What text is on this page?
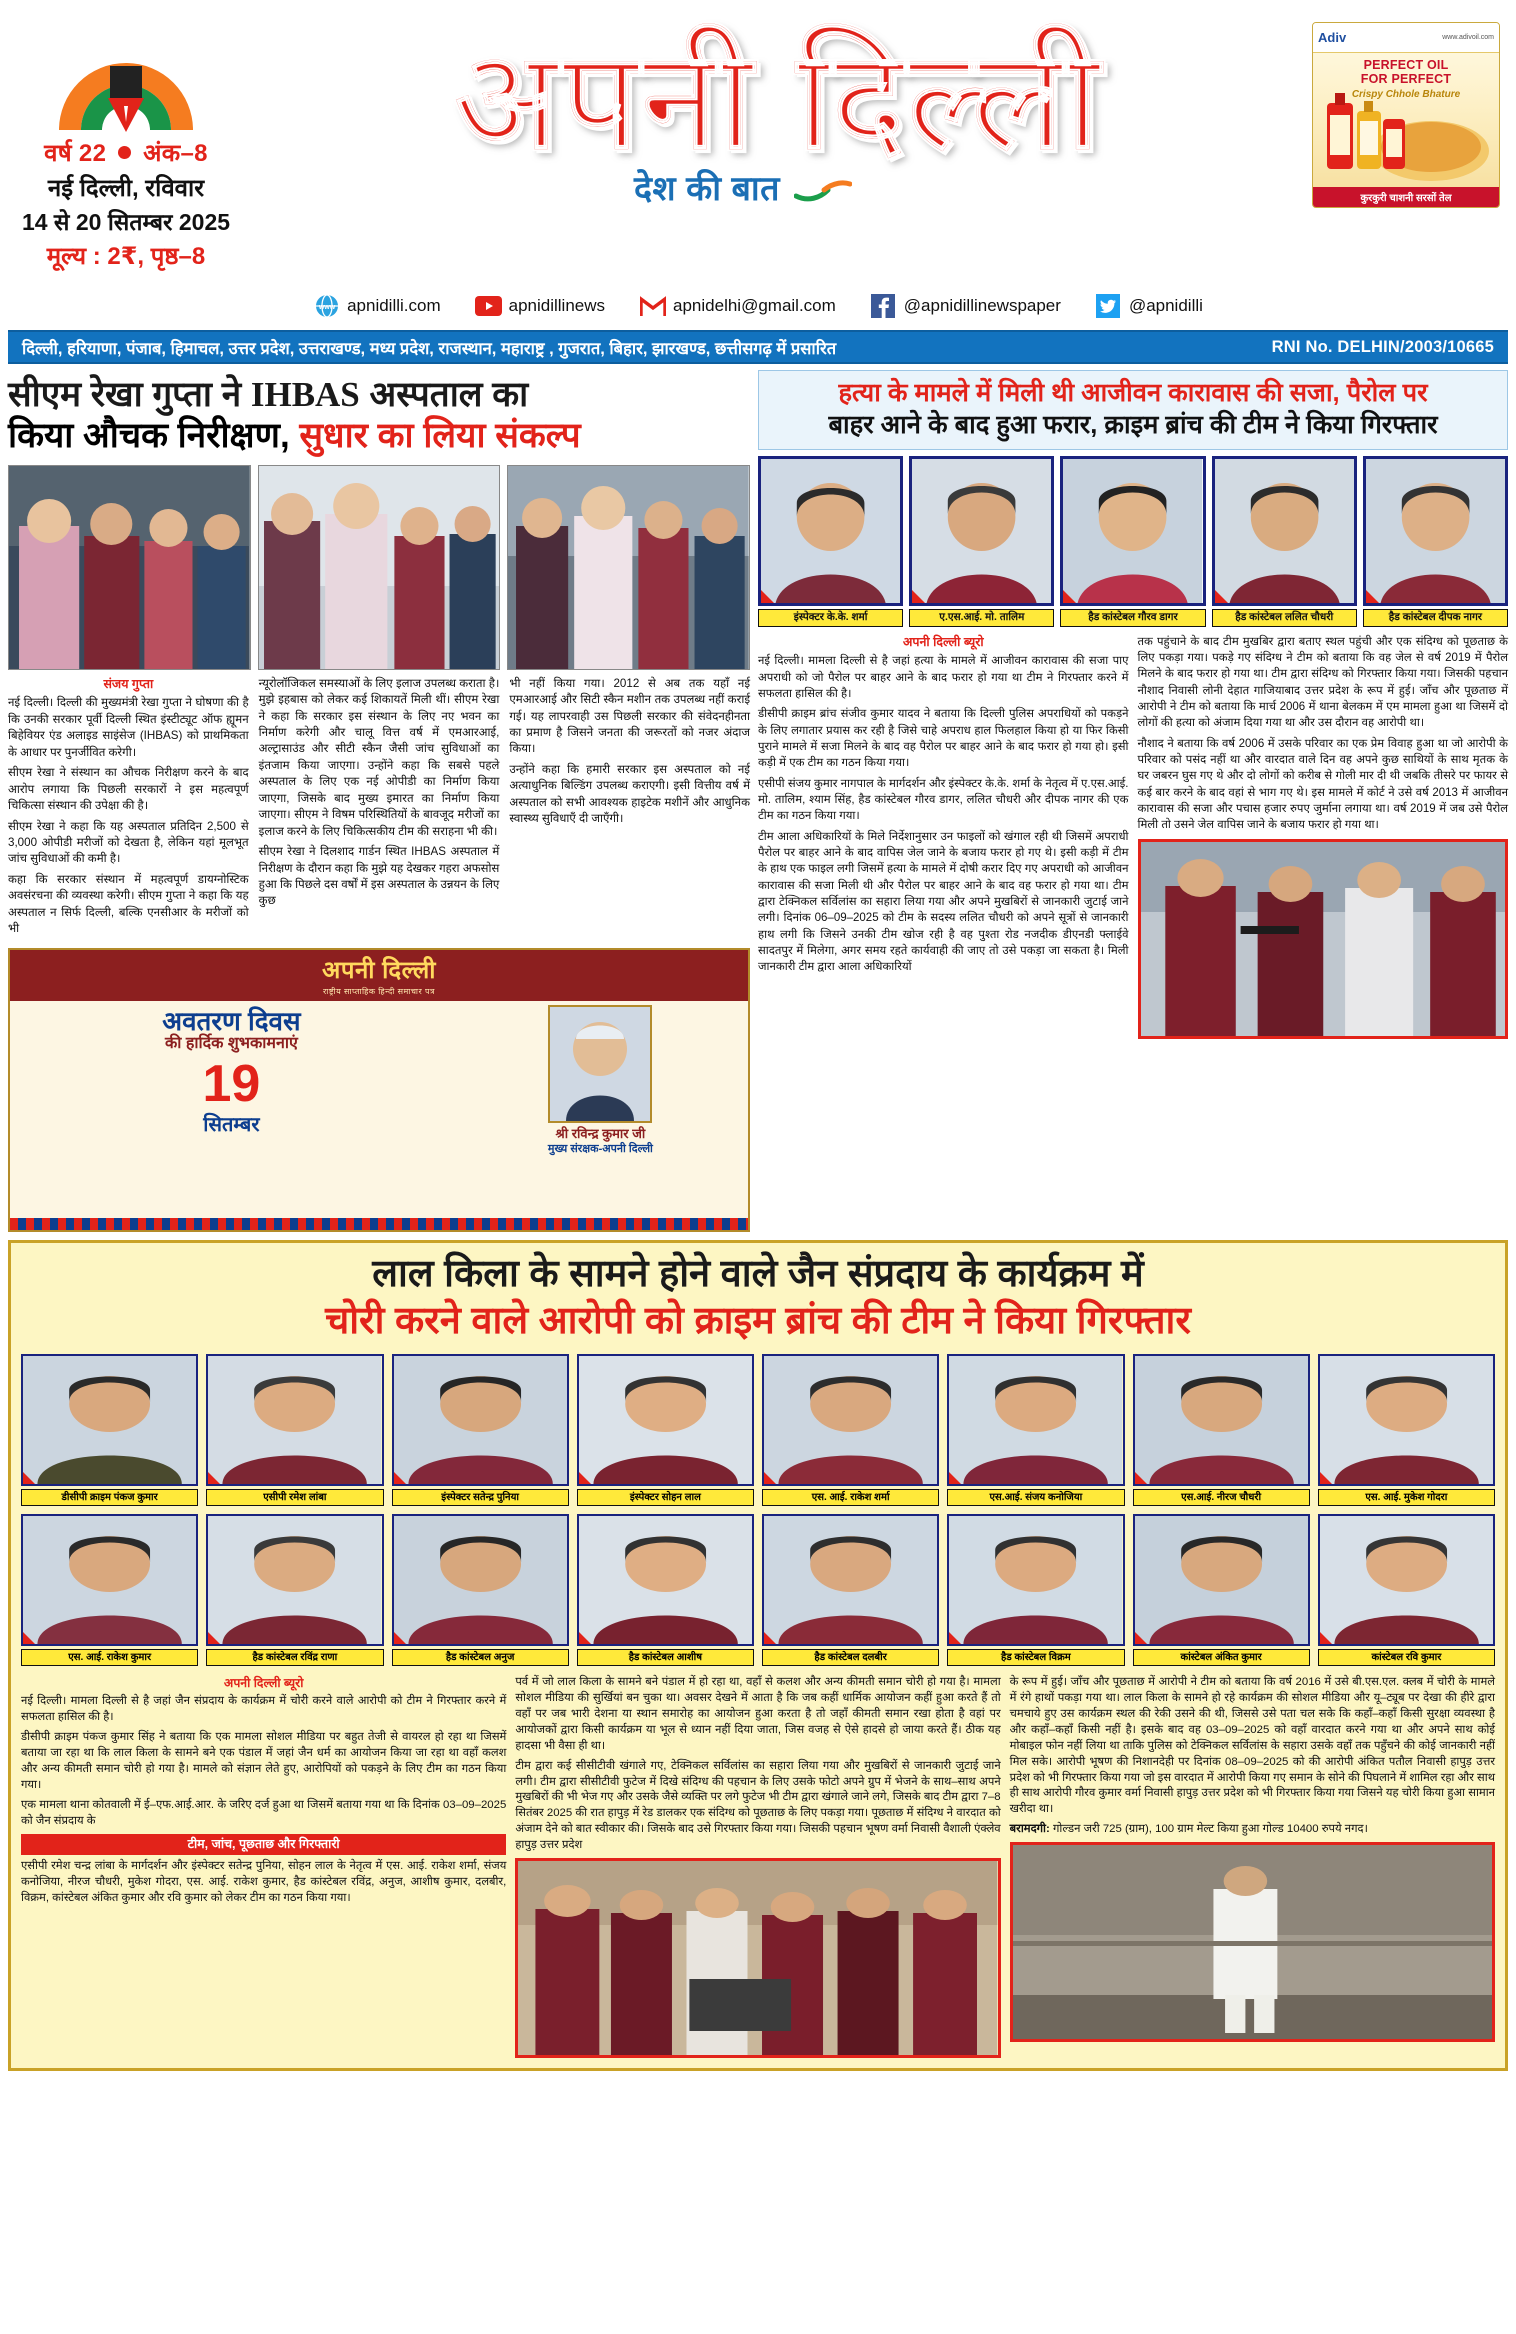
वर्ष 22 अंक–8
नई दिल्ली, रविवार
14 से 20 सितम्बर 2025
मूल्य : 2₹, पृष्ठ–8
अपनी दिल्ली
देश की बात
Adiv	www.adivoil.com
PERFECT OIL
FOR PERFECT
Crispy Chhole Bhature
कुरकुरी चाशनी सरसों तेल
www apnidilli.com	apnidillinews	apnidelhi@gmail.com	@apnidillinewspaper	@apnidilli
दिल्ली, हरियाणा, पंजाब, हिमाचल, उत्तर प्रदेश, उत्तराखण्ड, मध्य प्रदेश, राजस्थान, महाराष्ट्र , गुजरात, बिहार, झारखण्ड, छत्तीसगढ़ में प्रसारित	RNI No. DELHIN/2003/10665
सीएम रेखा गुप्ता ने IHBAS अस्पताल का
किया औचक निरीक्षण, सुधार का लिया संकल्प
संजय गुप्ता

नई दिल्ली। दिल्ली की मुख्यमंत्री रेखा गुप्ता ने घोषणा की है कि उनकी सरकार पूर्वी दिल्ली स्थित इंस्टीट्यूट ऑफ ह्यूमन बिहेवियर एंड अलाइड साइंसेज (IHBAS) को प्राथमिकता के आधार पर पुनर्जीवित करेगी।

सीएम रेखा ने संस्थान का औचक निरीक्षण करने के बाद आरोप लगाया कि पिछली सरकारों ने इस महत्वपूर्ण चिकित्सा संस्थान की उपेक्षा की है।

सीएम रेखा ने कहा कि यह अस्पताल प्रतिदिन 2,500 से 3,000 ओपीडी मरीजों को देखता है, लेकिन यहां मूलभूत जांच सुविधाओं की कमी है।

कहा कि सरकार संस्थान में महत्वपूर्ण डायग्नोस्टिक अवसंरचना की व्यवस्था करेगी। सीएम गुप्ता ने कहा कि यह अस्पताल न सिर्फ दिल्ली, बल्कि एनसीआर के मरीजों को भी

न्यूरोलॉजिकल समस्याओं के लिए इलाज उपलब्ध कराता है। मुझे इहबास को लेकर कई शिकायतें मिली थीं। सीएम रेखा ने कहा कि सरकार इस संस्थान के लिए नए भवन का निर्माण करेगी और चालू वित्त वर्ष में एमआरआई, अल्ट्रासाउंड और सीटी स्कैन जैसी जांच सुविधाओं का इंतजाम किया जाएगा। उन्होंने कहा कि सबसे पहले अस्पताल के लिए एक नई ओपीडी का निर्माण किया जाएगा, जिसके बाद मुख्य इमारत का निर्माण किया जाएगा। सीएम ने विषम परिस्थितियों के बावजूद मरीजों का इलाज करने के लिए चिकित्सकीय टीम की सराहना भी की।

सीएम रेखा ने दिलशाद गार्डन स्थित IHBAS अस्पताल में निरीक्षण के दौरान कहा कि मुझे यह देखकर गहरा अफसोस हुआ कि पिछले दस वर्षों में इस अस्पताल के उन्नयन के लिए कुछ

भी नहीं किया गया। 2012 से अब तक यहाँ नई एमआरआई और सिटी स्कैन मशीन तक उपलब्ध नहीं कराई गई। यह लापरवाही उस पिछली सरकार की संवेदनहीनता का प्रमाण है जिसने जनता की जरूरतों को नजर अंदाज किया।

उन्होंने कहा कि हमारी सरकार इस अस्पताल को नई अत्याधुनिक बिल्डिंग उपलब्ध कराएगी। इसी वित्तीय वर्ष में अस्पताल को सभी आवश्यक हाइटेक मशीनें और आधुनिक स्वास्थ्य सुविधाएँ दी जाएँगी।

अपनी दिल्ली
राष्ट्रीय साप्ताहिक हिन्दी समाचार पत्र
अवतरण दिवस
की हार्दिक शुभकामनाएं
19
सितम्बर	श्री रविन्द्र कुमार जी
मुख्य संरक्षक-अपनी दिल्ली
हत्या के मामले में मिली थी आजीवन कारावास की सजा, पैरोल पर
बाहर आने के बाद हुआ फरार, क्राइम ब्रांच की टीम ने किया गिरफ्तार
इंस्पेक्टर के.के. शर्मा	ए.एस.आई. मो. तालिम	हैड कांस्टेबल गौरव डागर	हैड कांस्टेबल ललित चौधरी	हैड कांस्टेबल दीपक नागर
अपनी दिल्ली ब्यूरो

नई दिल्ली। मामला दिल्ली से है जहां हत्या के मामले में आजीवन कारावास की सजा पाए अपराधी को जो पैरोल पर बाहर आने के बाद फरार हो गया था टीम ने गिरफ्तार करने में सफलता हासिल की है।

डीसीपी क्राइम ब्रांच संजीव कुमार यादव ने बताया कि दिल्ली पुलिस अपराधियों को पकड़ने के लिए लगातार प्रयास कर रही है जिसे चाहे अपराध हाल फिलहाल किया हो या फिर किसी पुराने मामले में सजा मिलने के बाद वह पैरोल पर बाहर आने के बाद फरार हो गया हो। इसी कड़ी में एक टीम का गठन किया गया।

एसीपी संजय कुमार नागपाल के मार्गदर्शन और इंस्पेक्टर के.के. शर्मा के नेतृत्व में ए.एस.आई. मो. तालिम, श्याम सिंह, हैड कांस्टेबल गौरव डागर, ललित चौधरी और दीपक नागर की एक टीम का गठन किया गया।

टीम आला अधिकारियों के मिले निर्देशानुसार उन फाइलों को खंगाल रही थी जिसमें अपराधी पैरोल पर बाहर आने के बाद वापिस जेल जाने के बजाय फरार हो गए थे। इसी कड़ी में टीम के हाथ एक फाइल लगी जिसमें हत्या के मामले में दोषी करार दिए गए अपराधी को आजीवन कारावास की सजा मिली थी और पैरोल पर बाहर आने के बाद वह फरार हो गया था। टीम द्वारा टेक्निकल सर्विलांस का सहारा लिया गया और अपने मुखबिरों से जानकारी जुटाई जाने लगी। दिनांक 06–09–2025 को टीम के सदस्य ललित चौधरी को अपने सूत्रों से जानकारी हाथ लगी कि जिसने उनकी टीम खोज रही है वह पुश्ता रोड नजदीक डीएनडी फ्लाईवे सादतपुर में मिलेगा, अगर समय रहते कार्यवाही की जाए तो उसे पकड़ा जा सकता है। मिली जानकारी टीम द्वारा आला अधिकारियों

तक पहुंचाने के बाद टीम मुखबिर द्वारा बताए स्थल पहुंची और एक संदिग्ध को पूछताछ के लिए पकड़ा गया। पकड़े गए संदिग्ध ने टीम को बताया कि वह जेल से वर्ष 2019 में पैरोल मिलने के बाद फरार हो गया था। टीम द्वारा संदिग्ध को गिरफ्तार किया गया। जिसकी पहचान नौशाद निवासी लोनी देहात गाजियाबाद उत्तर प्रदेश के रूप में हुई। जाँच और पूछताछ में आरोपी ने टीम को बताया कि मार्च 2006 में थाना बेलकम में एम मामला हुआ था जिसमें दो लोगों की हत्या को अंजाम दिया गया था और उस दौरान वह आरोपी था।

नौशाद ने बताया कि वर्ष 2006 में उसके परिवार का एक प्रेम विवाह हुआ था जो आरोपी के परिवार को पसंद नहीं था और वारदात वाले दिन वह अपने कुछ साथियों के साथ मृतक के घर जबरन घुस गए थे और दो लोगों को करीब से गोली मार दी थी जबकि तीसरे पर फायर से कई बार करने के बाद वहां से भाग गए थे। इस मामले में कोर्ट ने उसे वर्ष 2013 में आजीवन कारावास की सजा और पचास हजार रुपए जुर्माना लगाया था। वर्ष 2019 में जब उसे पैरोल मिली तो उसने जेल वापिस जाने के बजाय फरार हो गया था।

लाल किला के सामने होने वाले जैन संप्रदाय के कार्यक्रम में
चोरी करने वाले आरोपी को क्राइम ब्रांच की टीम ने किया गिरफ्तार
डीसीपी क्राइम पंकज कुमार	एसीपी रमेश लांबा	इंस्पेक्टर सतेन्द्र पुनिया	इंस्पेक्टर सोहन लाल	एस. आई. राकेश शर्मा	एस.आई. संजय कनोजिया	एस.आई. नीरज चौधरी	एस. आई. मुकेश गोदरा
एस. आई. राकेश कुमार	हैड कांस्टेबल रविंद्र राणा	हैड कांस्टेबल अनुज	हैड कांस्टेबल आशीष	हैड कांस्टेबल दलबीर	हैड कांस्टेबल विक्रम	कांस्टेबल अंकित कुमार	कांस्टेबल रवि कुमार
अपनी दिल्ली ब्यूरो

नई दिल्ली। मामला दिल्ली से है जहां जैन संप्रदाय के कार्यक्रम में चोरी करने वाले आरोपी को टीम ने गिरफ्तार करने में सफलता हासिल की है।

डीसीपी क्राइम पंकज कुमार सिंह ने बताया कि एक मामला सोशल मीडिया पर बहुत तेजी से वायरल हो रहा था जिसमें बताया जा रहा था कि लाल किला के सामने बने एक पंडाल में जहां जैन धर्म का आयोजन किया जा रहा था वहाँ कलश और अन्य कीमती समान चोरी हो गया है। मामले को संज्ञान लेते हुए, आरोपियों को पकड़ने के लिए टीम का गठन किया गया।

एक मामला थाना कोतवाली में ई–एफ.आई.आर. के जरिए दर्ज हुआ था जिसमें बताया गया था कि दिनांक 03–09–2025 को जैन संप्रदाय के

टीम, जांच, पूछताछ और गिरफ्तारी

एसीपी रमेश चन्द्र लांबा के मार्गदर्शन और इंस्पेक्टर सतेन्द्र पुनिया, सोहन लाल के नेतृत्व में एस. आई. राकेश शर्मा, संजय कनोजिया, नीरज चौधरी, मुकेश गोदरा, एस. आई. राकेश कुमार, हैड कांस्टेबल रविंद्र, अनुज, आशीष कुमार, दलबीर, विक्रम, कांस्टेबल अंकित कुमार और रवि कुमार को लेकर टीम का गठन किया गया।

पर्व में जो लाल किला के सामने बने पंडाल में हो रहा था, वहाँ से कलश और अन्य कीमती समान चोरी हो गया है। मामला सोशल मीडिया की सुर्खियां बन चुका था। अवसर देखने में आता है कि जब कहीं धार्मिक आयोजन कहीं हुआ करते हैं तो वहाँ पर जब भारी देशना या स्थान समारोह का आयोजन हुआ करता है तो जहाँ कीमती समान रखा होता है वहां पर आयोजकों द्वारा किसी कार्यक्रम या भूल से ध्यान नहीं दिया जाता, जिस वजह से ऐसे हादसे हो जाया करते हैं। ठीक यह हादसा भी वैसा ही था।

टीम द्वारा कई सीसीटीवी खंगाले गए, टेक्निकल सर्विलांस का सहारा लिया गया और मुखबिरों से जानकारी जुटाई जाने लगी। टीम द्वारा सीसीटीवी फुटेज में दिखे संदिग्ध की पहचान के लिए उसके फोटो अपने ग्रुप में भेजने के साथ–साथ अपने मुखबिरों की भी भेज गए और उसके जैसे व्यक्ति पर लगे फुटेज भी टीम द्वारा खंगाले जाने लगे, जिसके बाद टीम द्वारा 7–8 सितंबर 2025 की रात हापुड़ में रेड डालकर एक संदिग्ध को पूछताछ के लिए पकड़ा गया। पूछताछ में संदिग्ध ने वारदात को अंजाम देने को बात स्वीकार की। जिसके बाद उसे गिरफ्तार किया गया। जिसकी पहचान भूषण वर्मा निवासी वैशाली एंक्लेव हापुड़ उत्तर प्रदेश

के रूप में हुई। जाँच और पूछताछ में आरोपी ने टीम को बताया कि वर्ष 2016 में उसे बी.एस.एल. क्लब में चोरी के मामले में रंगे हाथों पकड़ा गया था। लाल किला के सामने हो रहे कार्यक्रम की सोशल मीडिया और यू–ट्यूब पर देखा की हीरे द्वारा चमचाये हुए उस कार्यक्रम स्थल की रेकी उसने की थी, जिससे उसे पता चल सके कि कहाँ–कहाँ किसी सुरक्षा व्यवस्था है और कहाँ–कहाँ किसी नहीं है। इसके बाद वह 03–09–2025 को वहाँ वारदात करने गया था और अपने साथ कोई मोबाइल फोन नहीं लिया था ताकि पुलिस को टेक्निकल सर्विलांस के सहारा उसके वहाँ तक पहुँचने की कोई जानकारी नहीं मिल सके। आरोपी भूषण की निशानदेही पर दिनांक 08–09–2025 को की आरोपी अंकित पतौल निवासी हापुड़ उत्तर प्रदेश को भी गिरफ्तार किया गया जो इस वारदात में आरोपी किया गए समान के सोने की पिघलाने में शामिल रहा और साथ ही साथ आरोपी गौरव कुमार वर्मा निवासी हापुड़ उत्तर प्रदेश को भी गिरफ्तार किया गया जिसने यह चोरी किया हुआ सामान खरीदा था।

बरामदगी: गोल्डन जरी 725 (ग्राम), 100 ग्राम मेल्ट किया हुआ गोल्ड 10400 रुपये नगद।
